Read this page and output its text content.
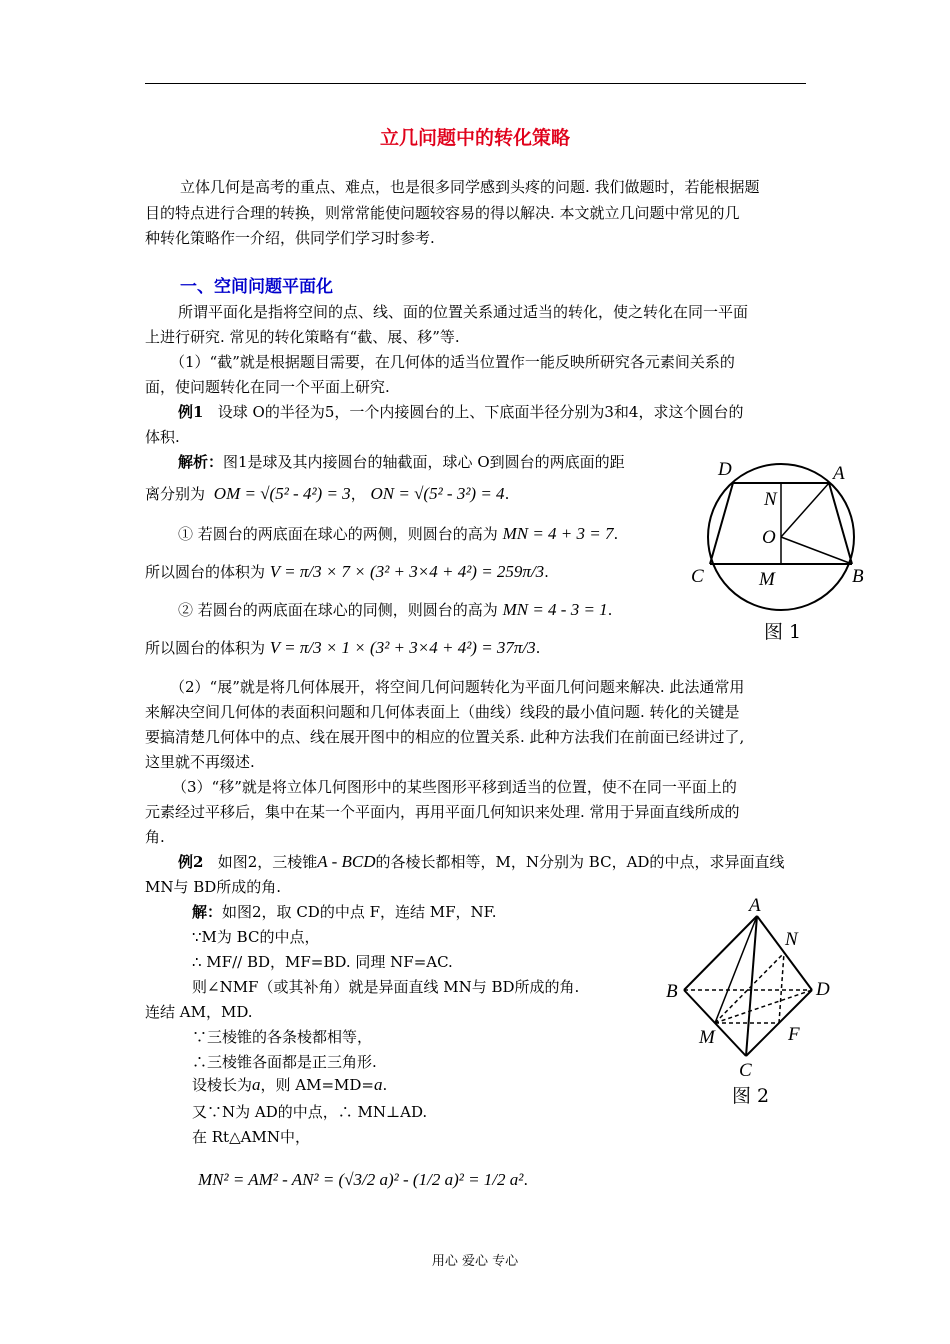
立几问题中的转化策略
立体几何是高考的重点、难点，也是很多同学感到头疼的问题. 我们做题时，若能根据题
目的特点进行合理的转换，则常常能使问题较容易的得以解决. 本文就立几问题中常见的几
种转化策略作一介绍，供同学们学习时参考.
一、空间问题平面化
所谓平面化是指将空间的点、线、面的位置关系通过适当的转化，使之转化在同一平面
上进行研究. 常见的转化策略有“截、展、移”等.
（1）“截”就是根据题目需要，在几何体的适当位置作一能反映所研究各元素间关系的
面，使问题转化在同一个平面上研究.
例1 设球 O的半径为5，一个内接圆台的上、下底面半径分别为3和4，求这个圆台的
体积.
解析：图1是球及其内接圆台的轴截面，球心 O到圆台的两底面的距
离分别为 OM = √(5² - 4²) = 3， ON = √(5² - 3²) = 4.
① 若圆台的两底面在球心的两侧，则圆台的高为 MN = 4 + 3 = 7.
所以圆台的体积为 V = π/3 × 7 × (3² + 3×4 + 4²) = 259π/3.
② 若圆台的两底面在球心的同侧，则圆台的高为 MN = 4 - 3 = 1.
所以圆台的体积为 V = π/3 × 1 × (3² + 3×4 + 4²) = 37π/3.
D	A
N
O
C	M	B
图 1
（2）“展”就是将几何体展开，将空间几何问题转化为平面几何问题来解决. 此法通常用
来解决空间几何体的表面积问题和几何体表面上（曲线）线段的最小值问题. 转化的关键是
要搞清楚几何体中的点、线在展开图中的相应的位置关系. 此种方法我们在前面已经讲过了,
这里就不再缀述.
（3）“移”就是将立体几何图形中的某些图形平移到适当的位置，使不在同一平面上的
元素经过平移后，集中在某一个平面内，再用平面几何知识来处理. 常用于异面直线所成的
角.
例2 如图2，三棱锥A - BCD的各棱长都相等，M，N分别为 BC，AD的中点，求异面直线
MN与 BD所成的角.
解：如图2，取 CD的中点 F，连结 MF，NF.
∵M为 BC的中点，
∴ MF// BD，MF=BD. 同理 NF=AC.
则∠NMF（或其补角）就是异面直线 MN与 BD所成的角.
连结 AM，MD.
∵三棱锥的各条棱都相等，
∴三棱锥各面都是正三角形.
设棱长为a，则 AM=MD=a.
又∵N为 AD的中点，∴ MN⊥AD.
在 Rt△AMN中，
MN² = AM² - AN² = (√3/2 a)² - (1/2 a)² = 1/2 a².
A
N
B	D
M	F
C
图 2
用心 爱心 专心
